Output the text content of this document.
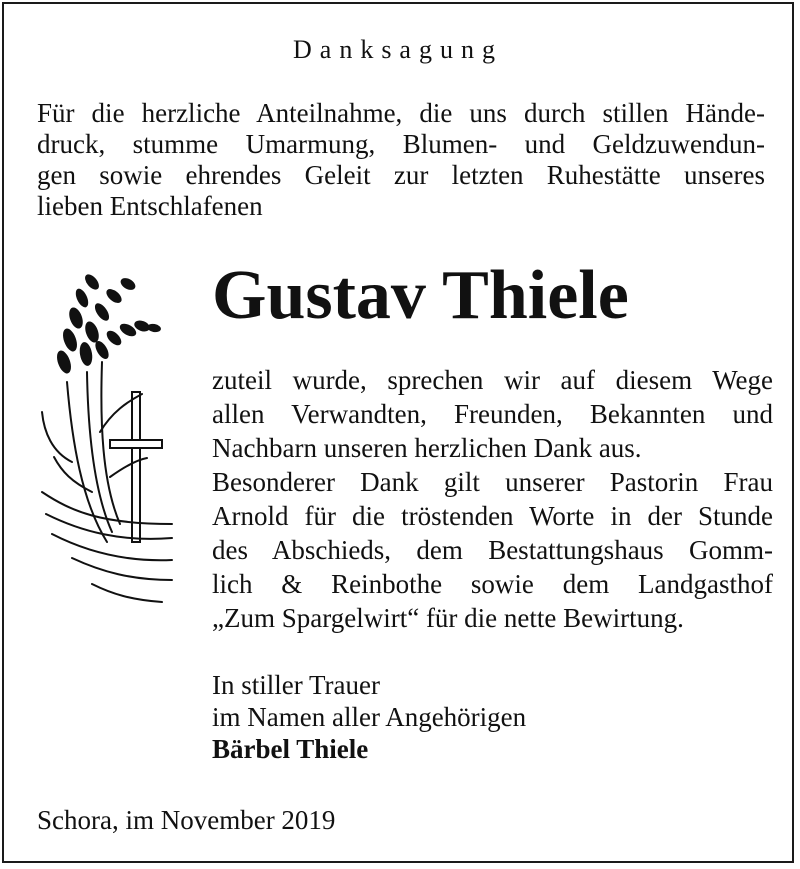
Danksagung
Für die herzliche Anteilnahme, die uns durch stillen Hände-
druck, stumme Umarmung, Blumen- und Geldzuwendun-
gen sowie ehrendes Geleit zur letzten Ruhestätte unseres
lieben Entschlafenen
Gustav Thiele
zuteil wurde, sprechen wir auf diesem Wege
allen Verwandten, Freunden, Bekannten und
Nachbarn unseren herzlichen Dank aus.
Besonderer Dank gilt unserer Pastorin Frau
Arnold für die tröstenden Worte in der Stunde
des Abschieds, dem Bestattungshaus Gomm-
lich & Reinbothe sowie dem Landgasthof
„Zum Spargelwirt“ für die nette Bewirtung.
In stiller Trauer
im Namen aller Angehörigen
Bärbel Thiele
Schora, im November 2019
